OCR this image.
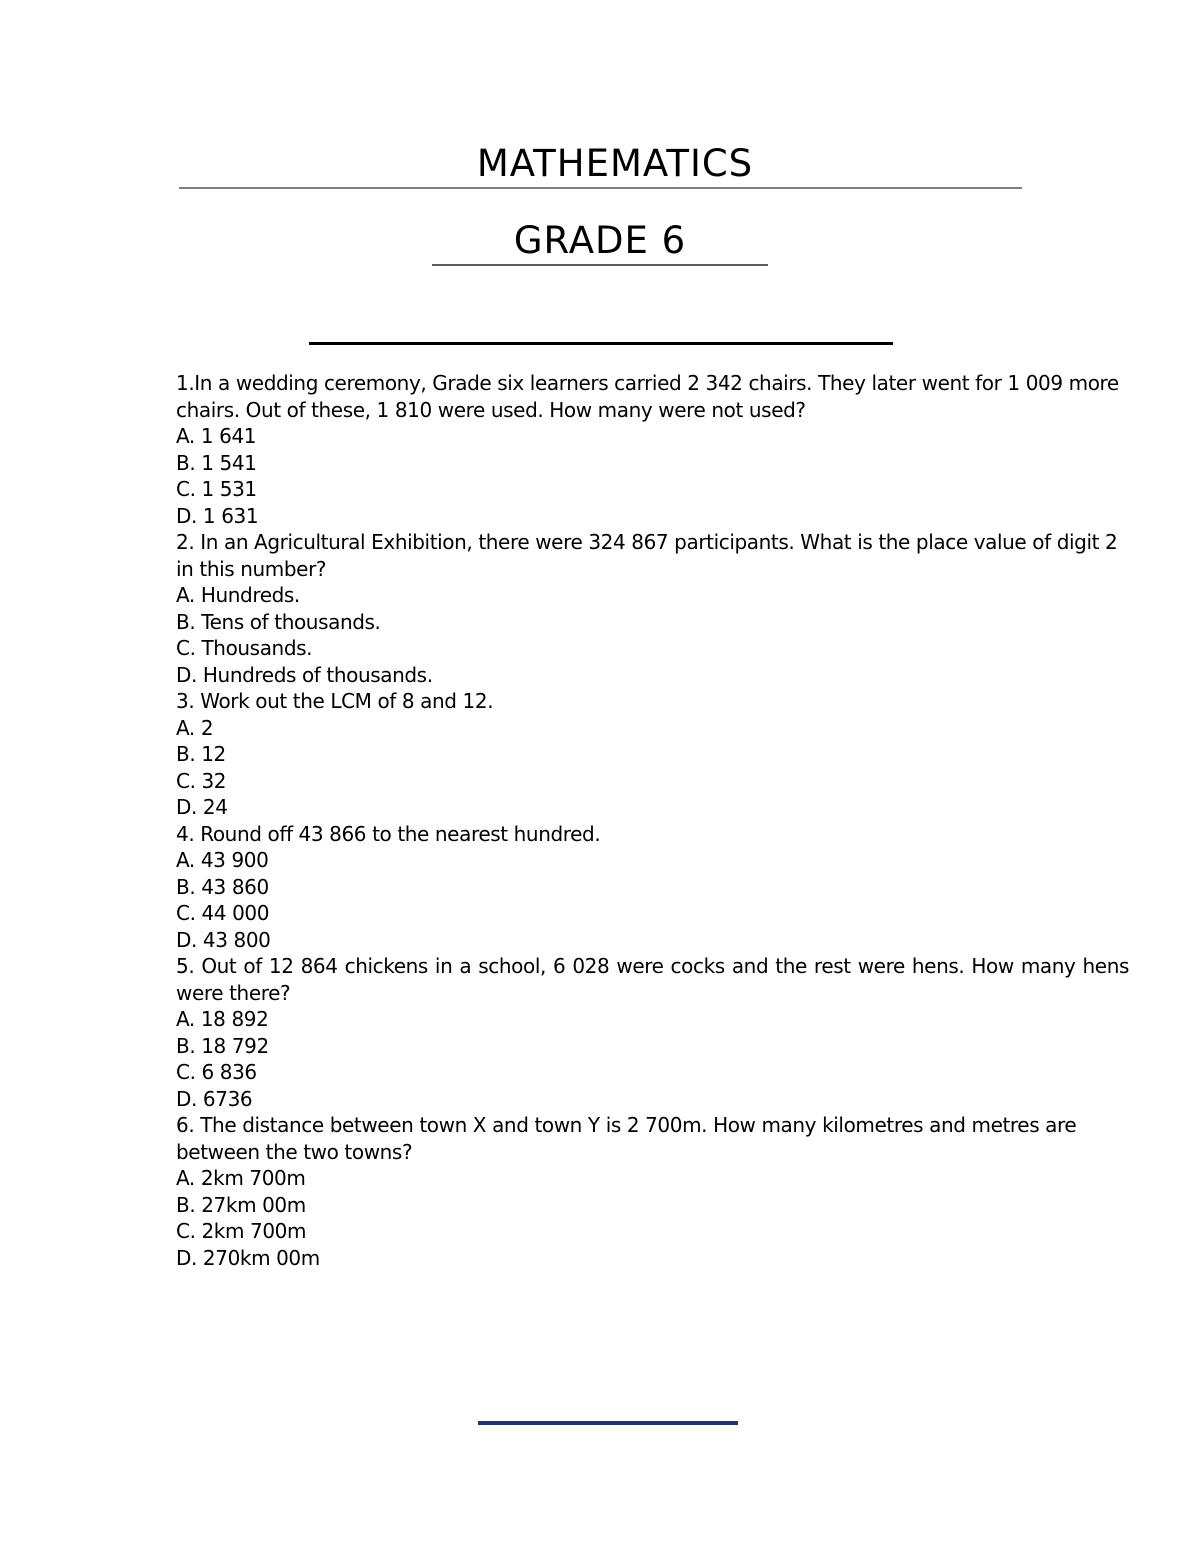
MATHEMATICS
GRADE 6
1.In a wedding ceremony, Grade six learners carried 2 342 chairs. They later went for 1 009 more chairs. Out of these, 1 810 were used. How many were not used?
A. 1 641
B. 1 541
C. 1 531
D. 1 631
2. In an Agricultural Exhibition, there were 324 867 participants. What is the place value of digit 2 in this number?
A. Hundreds.
B. Tens of thousands.
C. Thousands.
D. Hundreds of thousands.
3. Work out the LCM of 8 and 12.
A. 2
B. 12
C. 32
D. 24
4. Round off 43 866 to the nearest hundred.
A. 43 900
B. 43 860
C. 44 000
D. 43 800
5. Out of 12 864 chickens in a school, 6 028 were cocks and the rest were hens. How many hens were there?
A. 18 892
B. 18 792
C. 6 836
D. 6736
6. The distance between town X and town Y is 2 700m. How many kilometres and metres are between the two towns?
A. 2km 700m
B. 27km 00m
C. 2km 700m
D. 270km 00m
